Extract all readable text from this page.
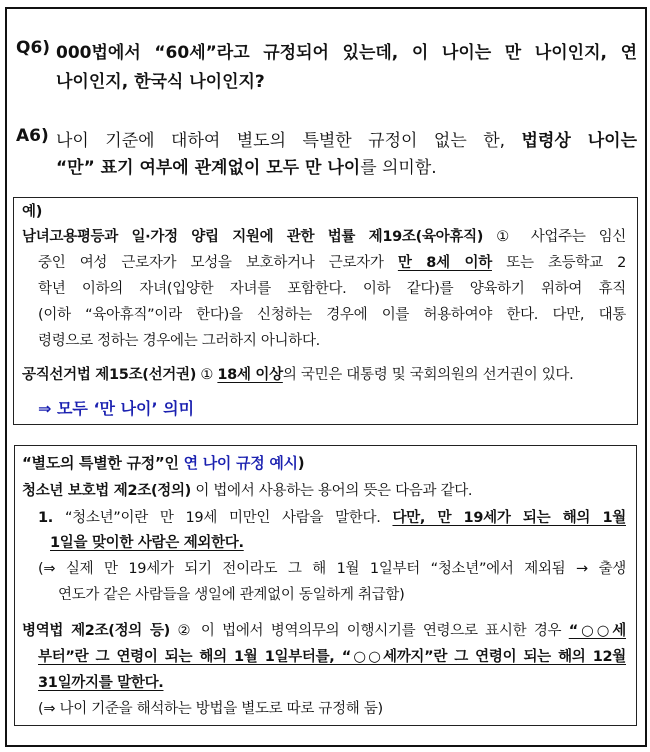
Q6) 000법에서 “60세”라고 규정되어 있는데, 이 나이는 만 나이인지, 연
나이인지, 한국식 나이인지?
A6) 나이 기준에 대하여 별도의 특별한 규정이 없는 한, 법령상 나이는
“만” 표기 여부에 관계없이 모두 만 나이를 의미함.
예)
남녀고용평등과 일·가정 양립 지원에 관한 법률 제19조(육아휴직) ① 사업주는 임신
중인 여성 근로자가 모성을 보호하거나 근로자가 만 8세 이하 또는 초등학교 2
학년 이하의 자녀(입양한 자녀를 포함한다. 이하 같다)를 양육하기 위하여 휴직
(이하 “육아휴직”이라 한다)을 신청하는 경우에 이를 허용하여야 한다. 다만, 대통
령령으로 정하는 경우에는 그러하지 아니하다.
공직선거법 제15조(선거권) ① 18세 이상의 국민은 대통령 및 국회의원의 선거권이 있다.
⇒ 모두 ‘만 나이’ 의미
“별도의 특별한 규정”인 연 나이 규정 예시)
청소년 보호법 제2조(정의) 이 법에서 사용하는 용어의 뜻은 다음과 같다.
1. “청소년”이란 만 19세 미만인 사람을 말한다. 다만, 만 19세가 되는 해의 1월
1일을 맞이한 사람은 제외한다.
(⇒ 실제 만 19세가 되기 전이라도 그 해 1월 1일부터 “청소년”에서 제외됨 → 출생
연도가 같은 사람들을 생일에 관계없이 동일하게 취급함)
병역법 제2조(정의 등) ② 이 법에서 병역의무의 이행시기를 연령으로 표시한 경우 “○○세
부터”란 그 연령이 되는 해의 1월 1일부터를, “○○세까지”란 그 연령이 되는 해의 12월
31일까지를 말한다.
(⇒ 나이 기준을 해석하는 방법을 별도로 따로 규정해 둠)
